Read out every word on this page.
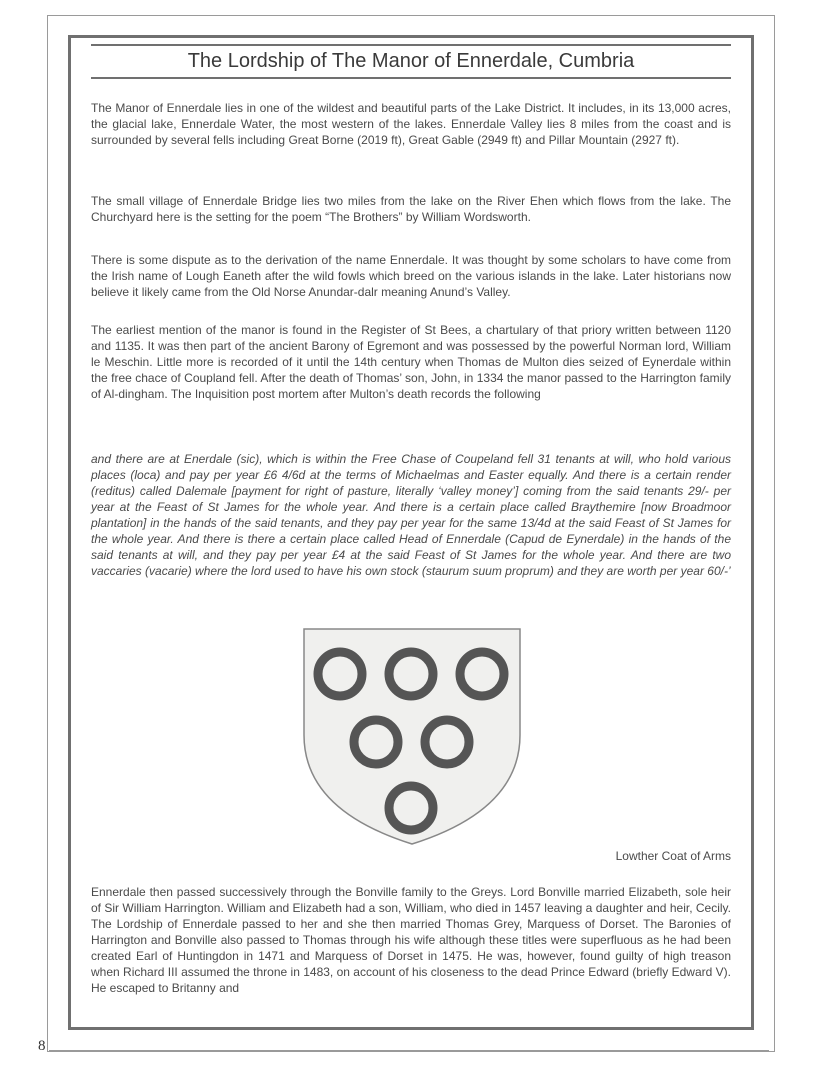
The Lordship of The Manor of Ennerdale, Cumbria

The Manor of Ennerdale lies in one of the wildest and beautiful parts of the Lake District. It includes, in its 13,000 acres, the glacial lake, Ennerdale Water, the most western of the lakes. Ennerdale Valley lies 8 miles from the coast and is surrounded by several fells including Great Borne (2019 ft), Great Gable (2949 ft) and Pillar Mountain (2927 ft).

The small village of Ennerdale Bridge lies two miles from the lake on the River Ehen which flows from the lake. The Churchyard here is the setting for the poem “The Brothers” by William Wordsworth.

There is some dispute as to the derivation of the name Ennerdale. It was thought by some scholars to have come from the Irish name of Lough Eaneth after the wild fowls which breed on the various islands in the lake. Later historians now believe it likely came from the Old Norse Anundar-dalr meaning Anund’s Valley.

The earliest mention of the manor is found in the Register of St Bees, a chartulary of that priory written between 1120 and 1135. It was then part of the ancient Barony of Egremont and was possessed by the powerful Norman lord, William le Meschin. Little more is recorded of it until the 14th century when Thomas de Multon dies seized of Eynerdale within the free chace of Coupland fell. After the death of Thomas’ son, John, in 1334 the manor passed to the Harrington family of Al-dingham. The Inquisition post mortem after Multon’s death records the following

and there are at Enerdale (sic), which is within the Free Chase of Coupeland fell 31 tenants at will, who hold various places (loca) and pay per year £6 4/6d at the terms of Michaelmas and Easter equally. And there is a certain render (reditus) called Dalemale [payment for right of pasture, literally ‘valley money’] coming from the said tenants 29/- per year at the Feast of St James for the whole year. And there is a certain place called Braythemire [now Broadmoor plantation] in the hands of the said tenants, and they pay per year for the same 13/4d at the said Feast of St James for the whole year. And there is there a certain place called Head of Ennerdale (Capud de Eynerdale) in the hands of the said tenants at will, and they pay per year £4 at the said Feast of St James for the whole year. And there are two vaccaries (vacarie) where the lord used to have his own stock (staurum suum proprum) and they are worth per year 60/-’

Lowther Coat of Arms

Ennerdale then passed successively through the Bonville family to the Greys. Lord Bonville married Elizabeth, sole heir of Sir William Harrington. William and Elizabeth had a son, William, who died in 1457 leaving a daughter and heir, Cecily. The Lordship of Ennerdale passed to her and she then married Thomas Grey, Marquess of Dorset. The Baronies of Harrington and Bonville also passed to Thomas through his wife although these titles were superfluous as he had been created Earl of Huntingdon in 1471 and Marquess of Dorset in 1475. He was, however, found guilty of high treason when Richard III assumed the throne in 1483, on account of his closeness to the dead Prince Edward (briefly Edward V). He escaped to Britanny and

8
